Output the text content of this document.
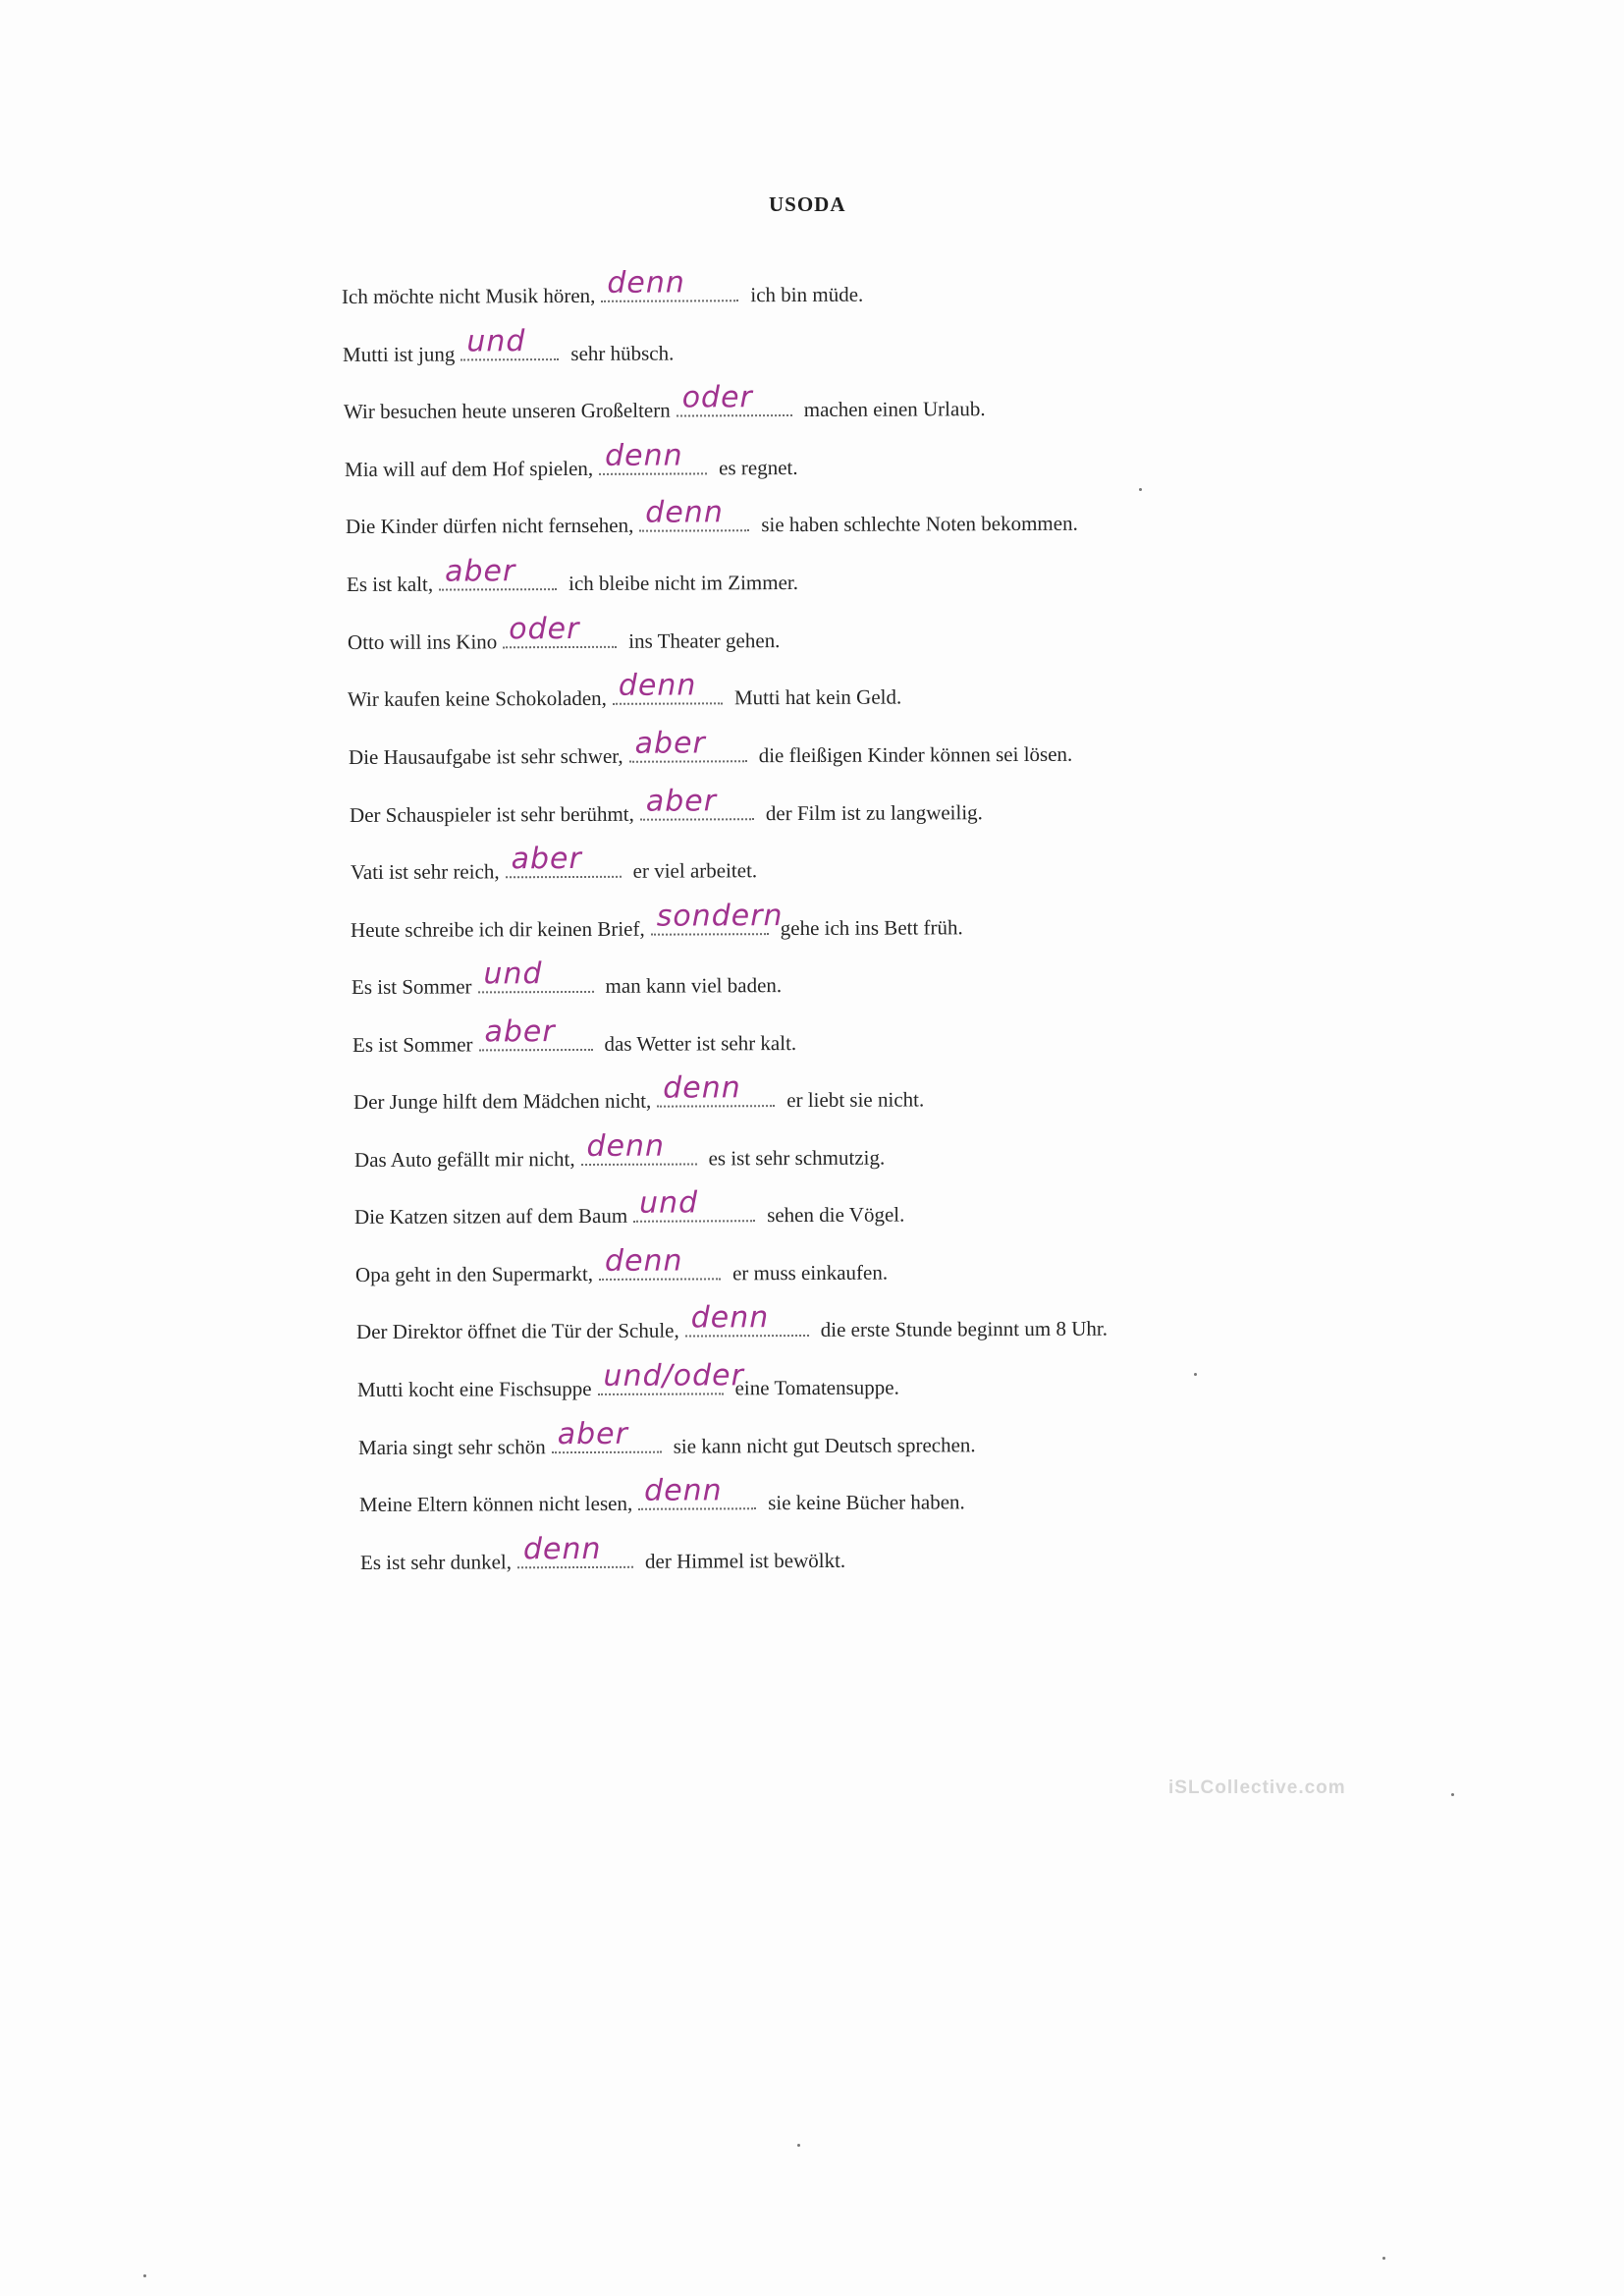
USODA
Ich möchte nicht Musik hören, denn	ich bin müde.
Mutti ist jung und sehr hübsch.
Wir besuchen heute unseren Großeltern oder machen einen Urlaub.
Mia will auf dem Hof spielen, denn es regnet.
Die Kinder dürfen nicht fernsehen, denn sie haben schlechte Noten bekommen.
Es ist kalt, aber	ich bleibe nicht im Zimmer.
Otto will ins Kino oder ins Theater gehen.
Wir kaufen keine Schokoladen, denn Mutti hat kein Geld.
Die Hausaufgabe ist sehr schwer, aber	die fleißigen Kinder können sei lösen.
Der Schauspieler ist sehr berühmt, aber der Film ist zu langweilig.
Vati ist sehr reich, aber er viel arbeitet.
Heute schreibe ich dir keinen Brief, sondern
gehe ich ins Bett früh.
Es ist Sommer und	man kann viel baden.
Es ist Sommer aber das Wetter ist sehr kalt.
Der Junge hilft dem Mädchen nicht, denn er liebt sie nicht.
Das Auto gefällt mir nicht, denn es ist sehr schmutzig.
Die Katzen sitzen auf dem Baum und	sehen die Vögel.
Opa geht in den Supermarkt, denn er muss einkaufen.
Der Direktor öffnet die Tür der Schule, denn die erste Stunde beginnt um 8 Uhr.
Mutti kocht eine Fischsuppe und/oder
eine Tomatensuppe.
Maria singt sehr schön aber sie kann nicht gut Deutsch sprechen.
Meine Eltern können nicht lesen, denn sie keine Bücher haben.
Es ist sehr dunkel, denn der Himmel ist bewölkt.
iSLCollective.com
